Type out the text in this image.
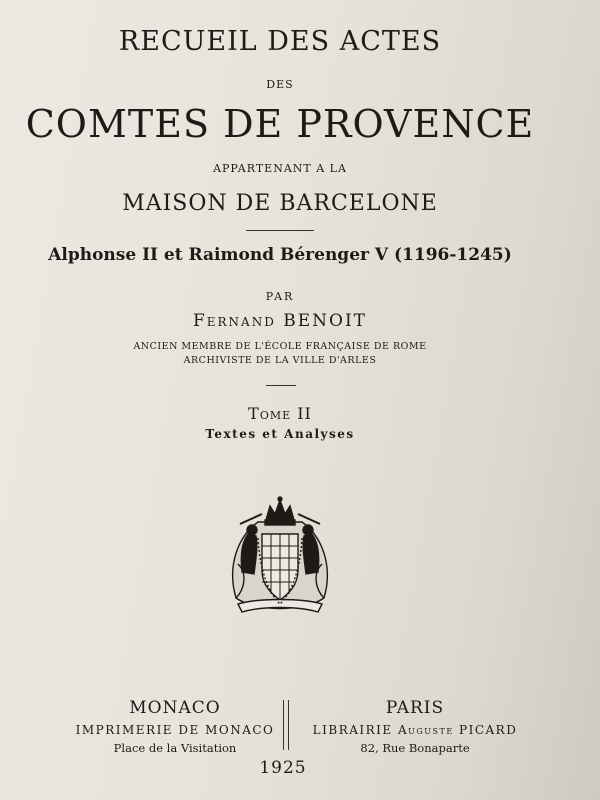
RECUEIL DES ACTES
DES
COMTES DE PROVENCE
APPARTENANT A LA
MAISON DE BARCELONE
Alphonse II et Raimond Bérenger V (1196-1245)
PAR
Fernand BENOIT
ANCIEN MEMBRE DE L'ÉCOLE FRANÇAISE DE ROME
ARCHIVISTE DE LA VILLE D'ARLES
Tome II
Textes et Analyses
MONACO
IMPRIMERIE DE MONACO
Place de la Visitation
PARIS
LIBRAIRIE Auguste PICARD
82, Rue Bonaparte
1925
